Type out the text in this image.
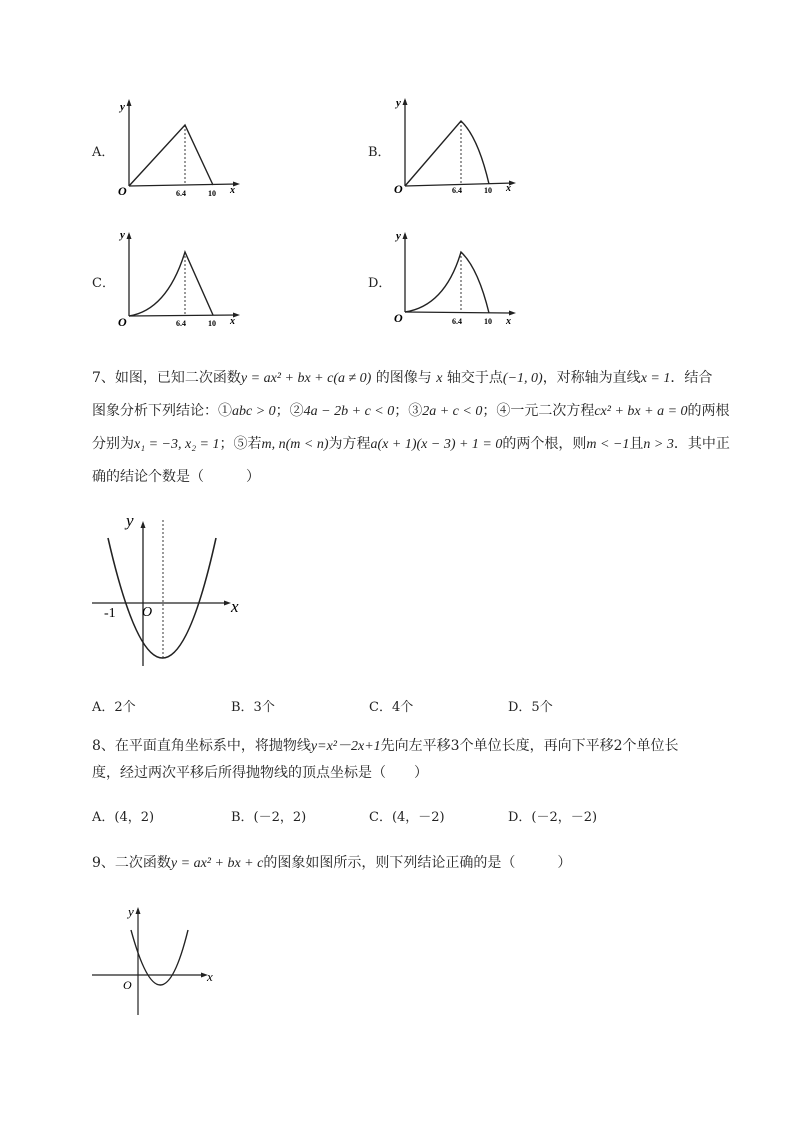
A．	B．
C．	D．
y
O	6.4	10 x
y
O	6.4	10 x
y
O	6.4	10 x
y
O	6.4	10 x
7、如图，已知二次函数y = ax² + bx + c(a ≠ 0) 的图像与 x 轴交于点(−1, 0)，对称轴为直线x = 1．结合
图象分析下列结论：①abc > 0；②4a − 2b + c < 0；③2a + c < 0；④一元二次方程cx² + bx + a = 0的两根
分别为x₁ = −3, x₂ = 1；⑤若m, n(m < n)为方程a(x + 1)(x − 3) + 1 = 0的两个根，则m < −1且n > 3．其中正
确的结论个数是（　　　）
y
x
O
-1
A．2个	B．3个	C．4个	D．5个
8、在平面直角坐标系中，将抛物线y=x²－2x+1先向左平移3个单位长度，再向下平移2个单位长
度，经过两次平移后所得抛物线的顶点坐标是（　　）
A．(4，2)	B．(－2，2)	C．(4，－2)	D．(－2，－2)
9、二次函数y = ax² + bx + c的图象如图所示，则下列结论正确的是（　　　）
y
x
O
